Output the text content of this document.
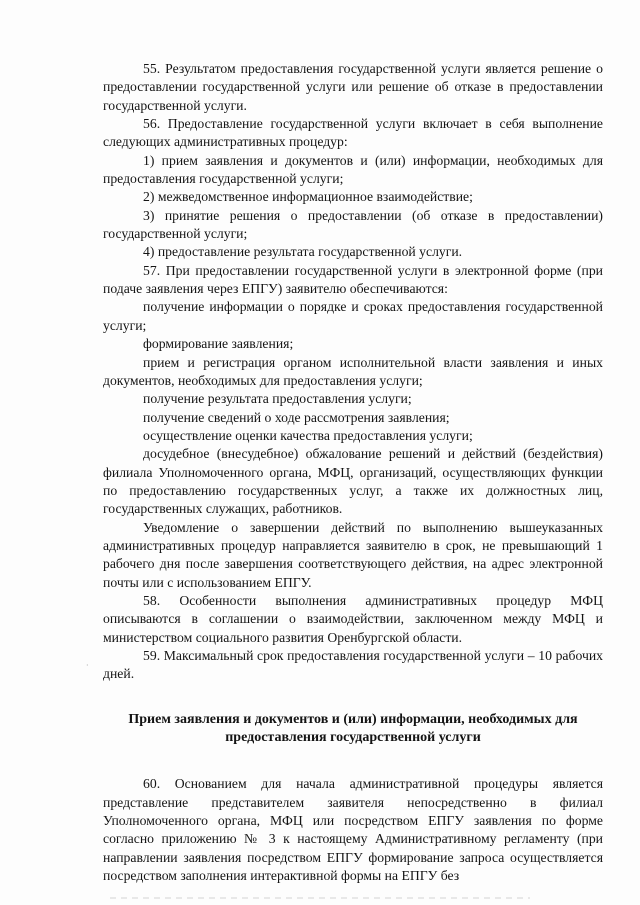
55. Результатом предоставления государственной услуги является решение о предоставлении государственной услуги или решение об отказе в предоставлении государственной услуги.

56. Предоставление государственной услуги включает в себя выполнение следующих административных процедур:

1) прием заявления и документов и (или) информации, необходимых для предоставления государственной услуги;

2) межведомственное информационное взаимодействие;

3) принятие решения о предоставлении (об отказе в предоставлении) государственной услуги;

4) предоставление результата государственной услуги.

57. При предоставлении государственной услуги в электронной форме (при подаче заявления через ЕПГУ) заявителю обеспечиваются:

получение информации о порядке и сроках предоставления государственной услуги;

формирование заявления;

прием и регистрация органом исполнительной власти заявления и иных документов, необходимых для предоставления услуги;

получение результата предоставления услуги;

получение сведений о ходе рассмотрения заявления;

осуществление оценки качества предоставления услуги;

досудебное (внесудебное) обжалование решений и действий (бездействия) филиала Уполномоченного органа, МФЦ, организаций, осуществляющих функции по предоставлению государственных услуг, а также их должностных лиц, государственных служащих, работников.

Уведомление о завершении действий по выполнению вышеуказанных административных процедур направляется заявителю в срок, не превышающий 1 рабочего дня после завершения соответствующего действия, на адрес электронной почты или с использованием ЕПГУ.

58. Особенности выполнения административных процедур МФЦ описываются в соглашении о взаимодействии, заключенном между МФЦ и министерством социального развития Оренбургской области.

59. Максимальный срок предоставления государственной услуги – 10 рабочих дней.

Прием заявления и документов и (или) информации, необходимых для предоставления государственной услуги

60. Основанием для начала административной процедуры является представление представителем заявителя непосредственно в филиал Уполномоченного органа, МФЦ или посредством ЕПГУ заявления по форме согласно приложению № 3 к настоящему Административному регламенту (при направлении заявления посредством ЕПГУ формирование запроса осуществляется посредством заполнения интерактивной формы на ЕПГУ без

·
